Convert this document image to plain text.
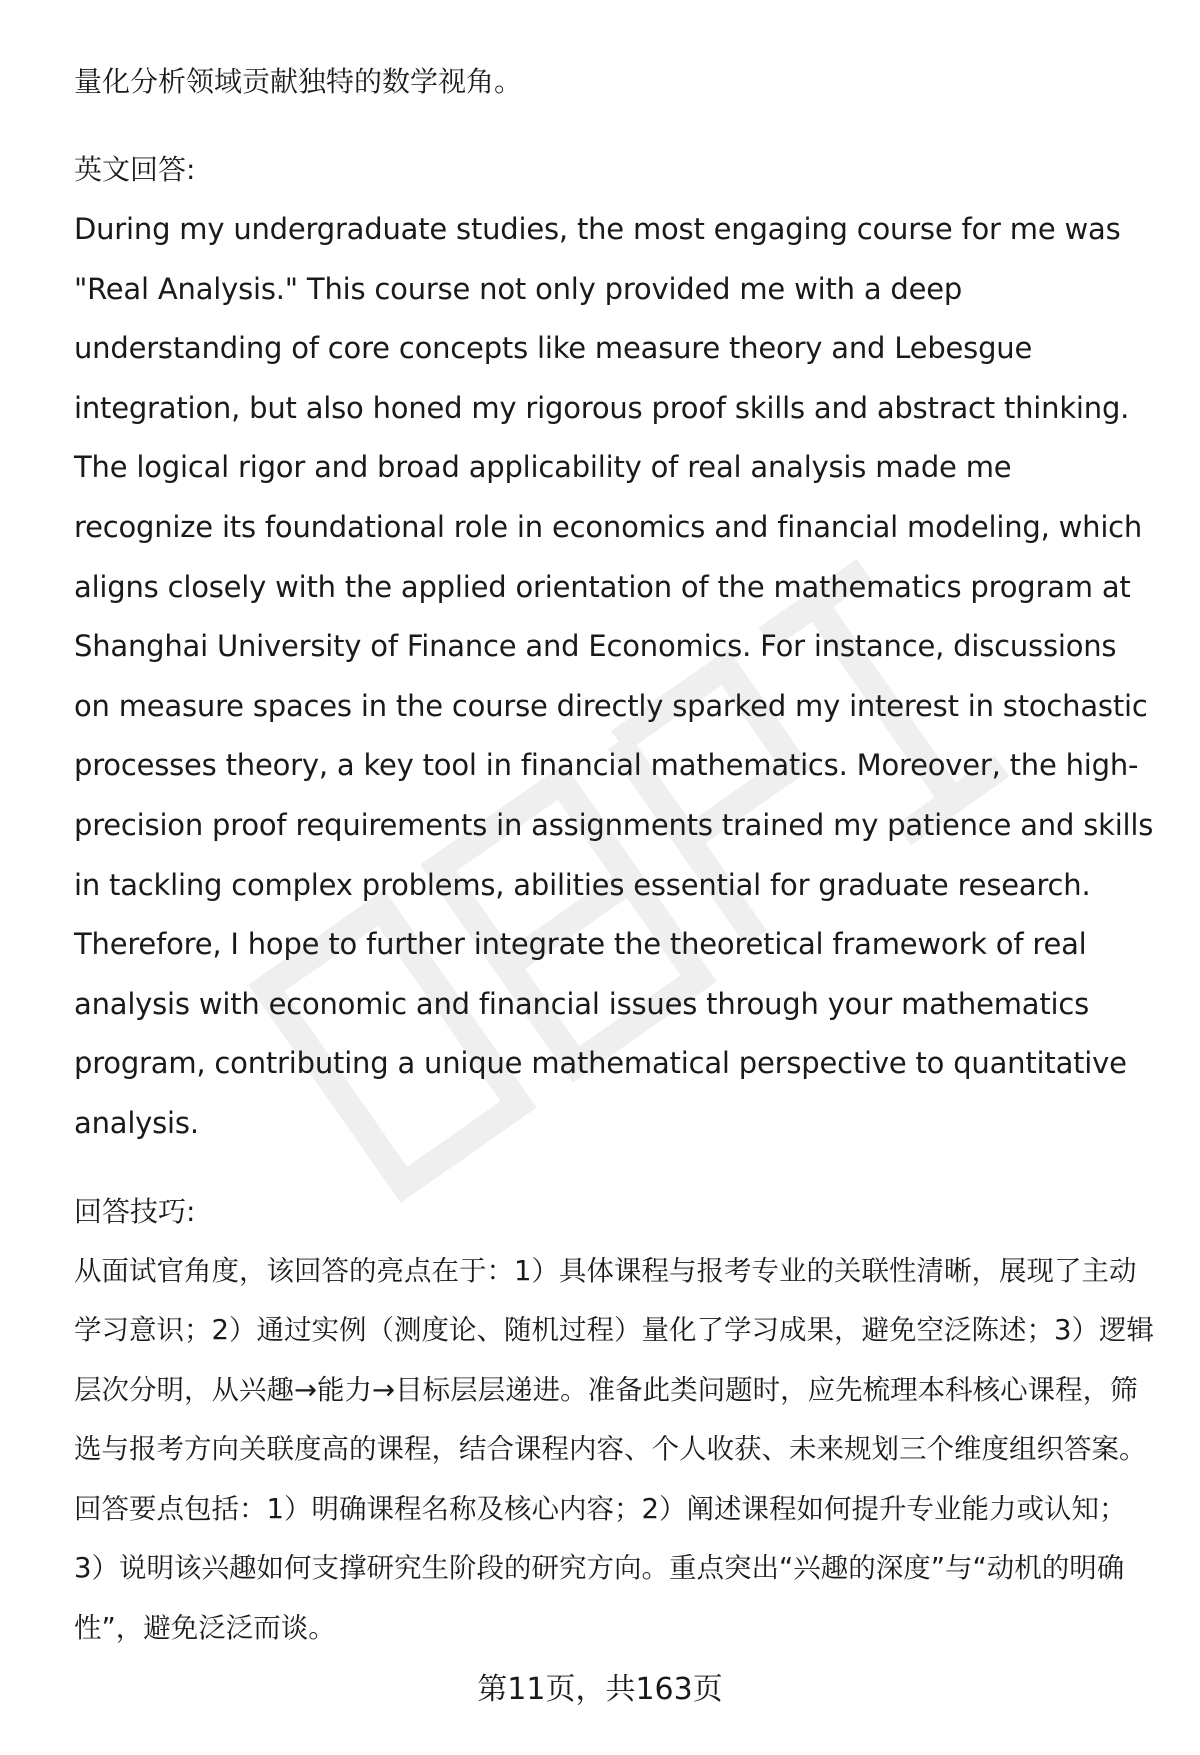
量化分析领域贡献独特的数学视角。

英文回答:

During my undergraduate studies, the most engaging course for me was "Real Analysis." This course not only provided me with a deep understanding of core concepts like measure theory and Lebesgue integration, but also honed my rigorous proof skills and abstract thinking. The logical rigor and broad applicability of real analysis made me recognize its foundational role in economics and financial modeling, which aligns closely with the applied orientation of the mathematics program at Shanghai University of Finance and Economics. For instance, discussions on measure spaces in the course directly sparked my interest in stochastic processes theory, a key tool in financial mathematics. Moreover, the high-precision proof requirements in assignments trained my patience and skills in tackling complex problems, abilities essential for graduate research. Therefore, I hope to further integrate the theoretical framework of real analysis with economic and financial issues through your mathematics program, contributing a unique mathematical perspective to quantitative analysis.

回答技巧:

从面试官角度，该回答的亮点在于：1）具体课程与报考专业的关联性清晰，展现了主动学习意识；2）通过实例（测度论、随机过程）量化了学习成果，避免空泛陈述；3）逻辑层次分明，从兴趣→能力→目标层层递进。准备此类问题时，应先梳理本科核心课程，筛选与报考方向关联度高的课程，结合课程内容、个人收获、未来规划三个维度组织答案。回答要点包括：1）明确课程名称及核心内容；2）阐述课程如何提升专业能力或认知；3）说明该兴趣如何支撑研究生阶段的研究方向。重点突出“兴趣的深度”与“动机的明确性”，避免泛泛而谈。

第11页，共163页
